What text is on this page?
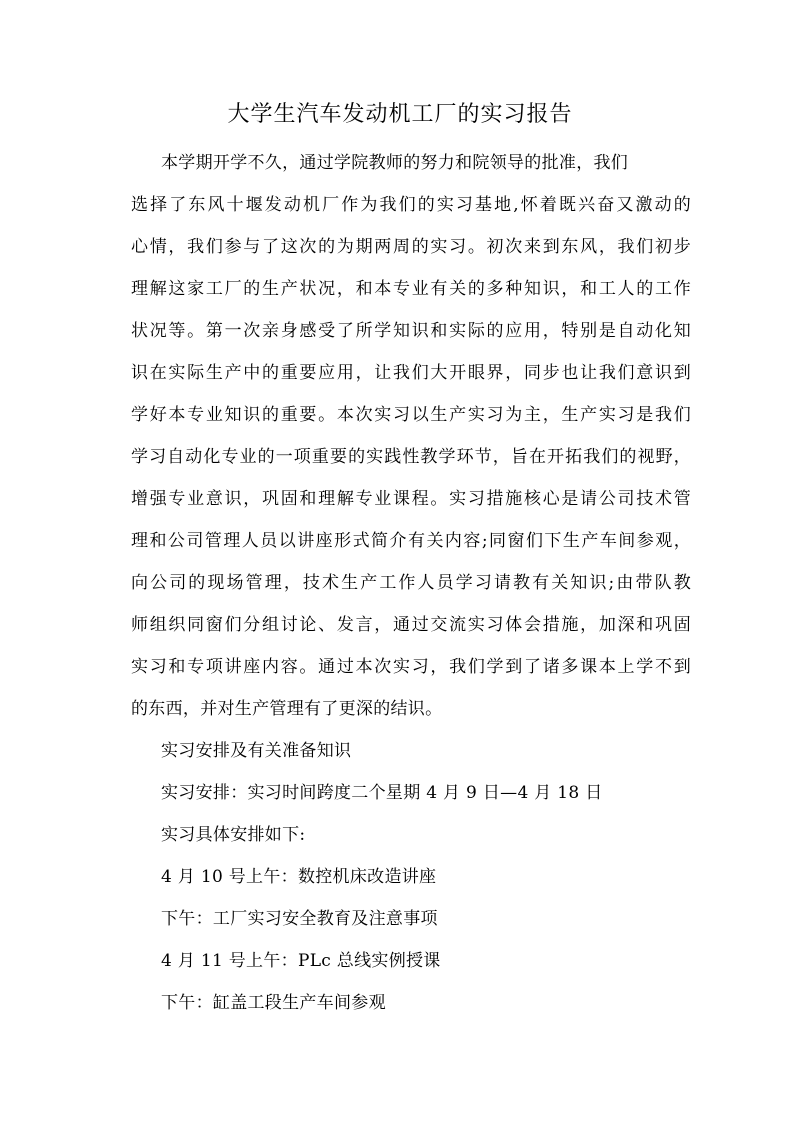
大学生汽车发动机工厂的实习报告
本学期开学不久，通过学院教师的努力和院领导的批准，我们
选择了东风十堰发动机厂作为我们的实习基地,怀着既兴奋又激动的
心情，我们参与了这次的为期两周的实习。初次来到东风，我们初步
理解这家工厂的生产状况，和本专业有关的多种知识，和工人的工作
状况等。第一次亲身感受了所学知识和实际的应用，特别是自动化知
识在实际生产中的重要应用，让我们大开眼界，同步也让我们意识到
学好本专业知识的重要。本次实习以生产实习为主，生产实习是我们
学习自动化专业的一项重要的实践性教学环节，旨在开拓我们的视野，
增强专业意识，巩固和理解专业课程。实习措施核心是请公司技术管
理和公司管理人员以讲座形式简介有关内容;同窗们下生产车间参观，
向公司的现场管理，技术生产工作人员学习请教有关知识;由带队教
师组织同窗们分组讨论、发言，通过交流实习体会措施，加深和巩固
实习和专项讲座内容。通过本次实习，我们学到了诸多课本上学不到
的东西，并对生产管理有了更深的结识。
实习安排及有关准备知识
实习安排：实习时间跨度二个星期 4 月 9 日—4 月 18 日
实习具体安排如下:
4 月 10 号上午：数控机床改造讲座
下午：工厂实习安全教育及注意事项
4 月 11 号上午：PLc 总线实例授课
下午：缸盖工段生产车间参观
